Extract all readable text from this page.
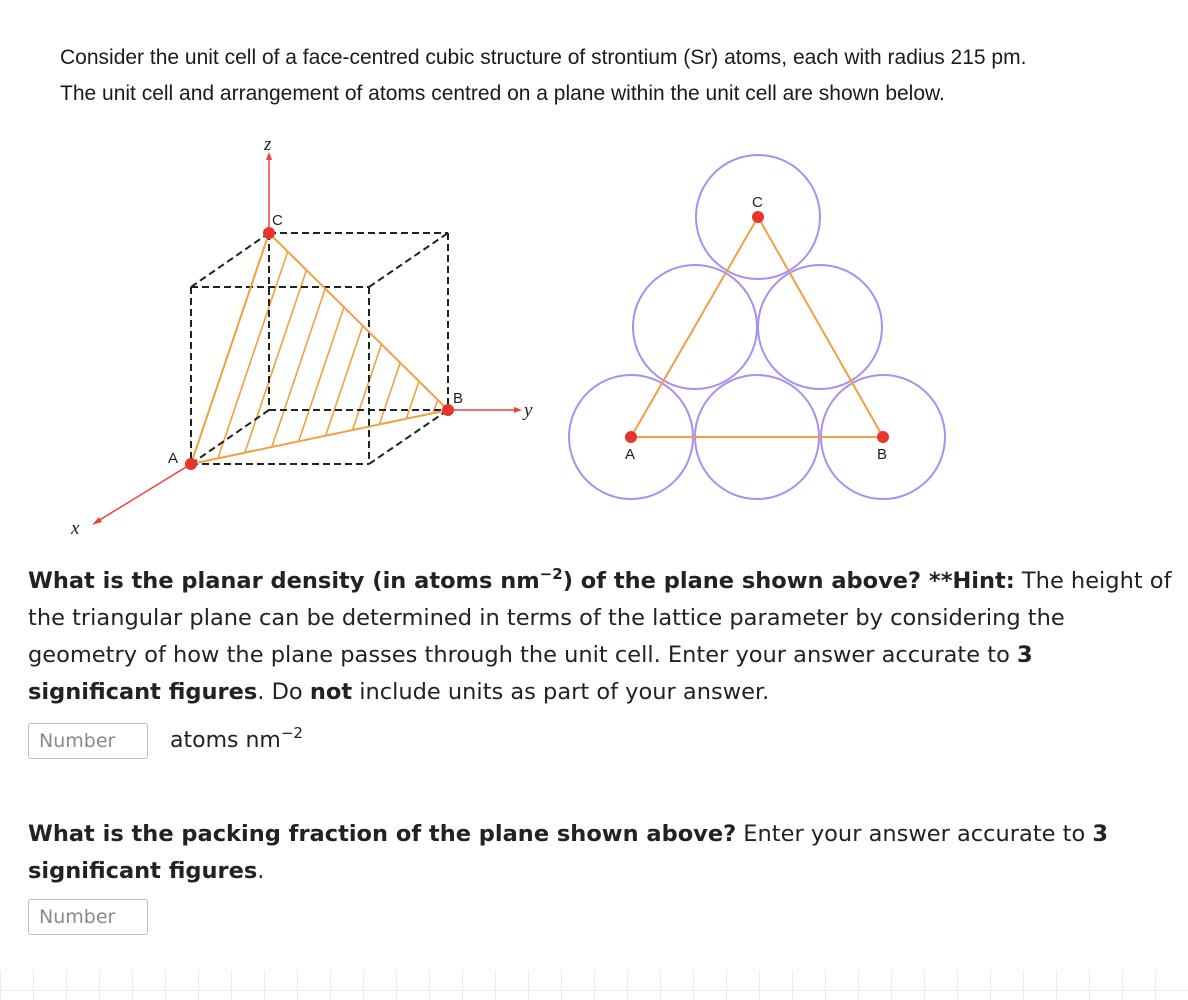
Consider the unit cell of a face-centred cubic structure of strontium (Sr) atoms, each with radius 215 pm.

The unit cell and arrangement of atoms centred on a plane within the unit cell are shown below.

z
y
x
C
B
A	A	B
C
What is the planar density (in atoms $nm^{-2}$) of the plane shown above? **Hint: The height of the triangular plane can be determined in terms of the lattice parameter by considering the geometry of how the plane passes through the unit cell. Enter your answer accurate to 3 significant figures. Do not include units as part of your answer.
Number
atoms $nm^{-2}$
What is the packing fraction of the plane shown above? Enter your answer accurate to 3 significant figures.
Number
